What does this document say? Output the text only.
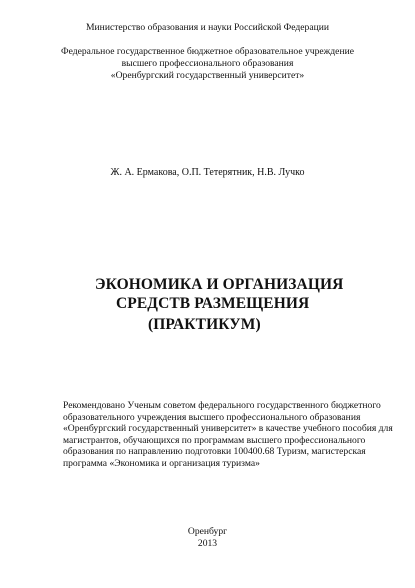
Министерство образования и науки Российской Федерации
Федеральное государственное бюджетное образовательное учреждение
высшего профессионального образования
«Оренбургский государственный университет»
Ж. А. Ермакова, О.П. Тетерятник, Н.В. Лучко
ЭКОНОМИКА И ОРГАНИЗАЦИЯ
СРЕДСТВ РАЗМЕЩЕНИЯ
(ПРАКТИКУМ)
Рекомендовано Ученым советом федерального государственного бюджетного
образовательного учреждения высшего профессионального образования
«Оренбургский государственный университет» в качестве учебного пособия для
магистрантов, обучающихся по программам высшего профессионального
образования по направлению подготовки 100400.68 Туризм, магистерская
программа «Экономика и организация туризма»
Оренбург
2013
